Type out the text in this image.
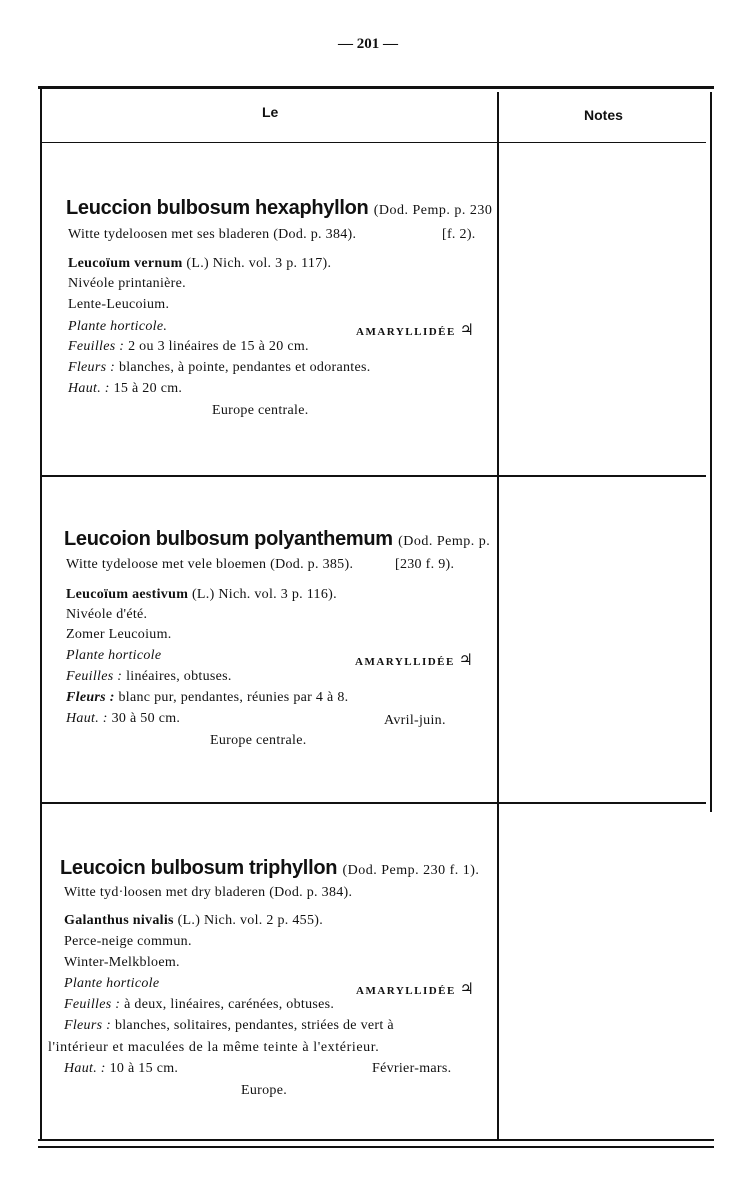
— 201 —
Le	Notes
Leuccion bulbosum hexaphyllon (Dod. Pemp. p. 230
Witte tydeloosen met ses bladeren (Dod. p. 384).	[f. 2).
Leucoïum vernum (L.) Nich. vol. 3 p. 117).
Nivéole printanière.
Lente-Leucoium.
Plante horticole.	AMARYLLIDÉE ♃
Feuilles : 2 ou 3 linéaires de 15 à 20 cm.
Fleurs : blanches, à pointe, pendantes et odorantes.
Haut. : 15 à 20 cm.
Europe centrale.
Leucoion bulbosum polyanthemum (Dod. Pemp. p.
Witte tydeloose met vele bloemen (Dod. p. 385).	[230 f. 9).
Leucoïum aestivum (L.) Nich. vol. 3 p. 116).
Nivéole d'été.
Zomer Leucoium.
Plante horticole	AMARYLLIDÉE ♃
Feuilles : linéaires, obtuses.
Fleurs : blanc pur, pendantes, réunies par 4 à 8.
Haut. : 30 à 50 cm.	Avril-juin.
Europe centrale.
Leucoicn bulbosum triphyllon (Dod. Pemp. 230 f. 1).
Witte tyd·loosen met dry bladeren (Dod. p. 384).
Galanthus nivalis (L.) Nich. vol. 2 p. 455).
Perce-neige commun.
Winter-Melkbloem.
Plante horticole	AMARYLLIDÉE ♃
Feuilles : à deux, linéaires, carénées, obtuses.
Fleurs : blanches, solitaires, pendantes, striées de vert à
l'intérieur et maculées de la même teinte à l'extérieur.
Haut. : 10 à 15 cm.	Février-mars.
Europe.
